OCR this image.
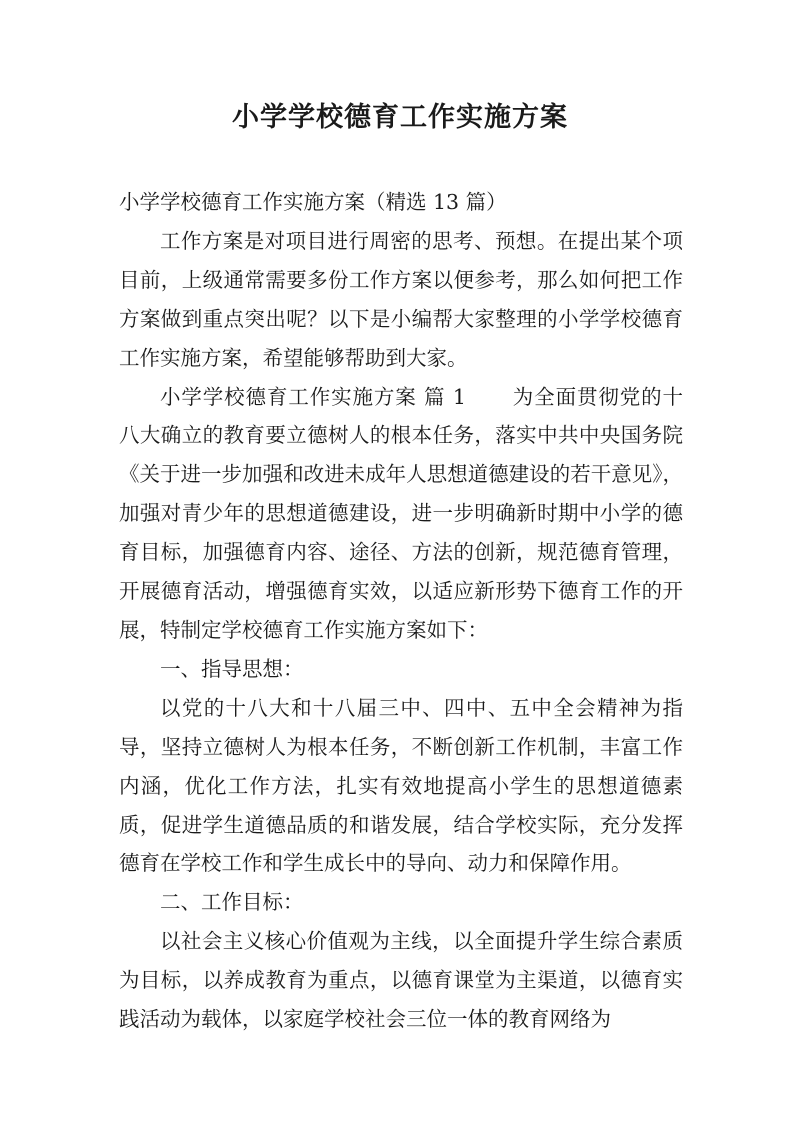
小学学校德育工作实施方案

小学学校德育工作实施方案（精选 13 篇）

工作方案是对项目进行周密的思考、预想。在提出某个项目前，上级通常需要多份工作方案以便参考，那么如何把工作方案做到重点突出呢？以下是小编帮大家整理的小学学校德育工作实施方案，希望能够帮助到大家。

小学学校德育工作实施方案 篇 1 为全面贯彻党的十八大确立的教育要立德树人的根本任务，落实中共中央国务院《关于进一步加强和改进未成年人思想道德建设的若干意见》，加强对青少年的思想道德建设，进一步明确新时期中小学的德育目标，加强德育内容、途径、方法的创新，规范德育管理，开展德育活动，增强德育实效，以适应新形势下德育工作的开展，特制定学校德育工作实施方案如下：

一、指导思想：

以党的十八大和十八届三中、四中、五中全会精神为指导，坚持立德树人为根本任务，不断创新工作机制，丰富工作内涵，优化工作方法，扎实有效地提高小学生的思想道德素质，促进学生道德品质的和谐发展，结合学校实际，充分发挥德育在学校工作和学生成长中的导向、动力和保障作用。

二、工作目标：

以社会主义核心价值观为主线，以全面提升学生综合素质为目标，以养成教育为重点，以德育课堂为主渠道，以德育实践活动为载体，以家庭学校社会三位一体的教育网络为
